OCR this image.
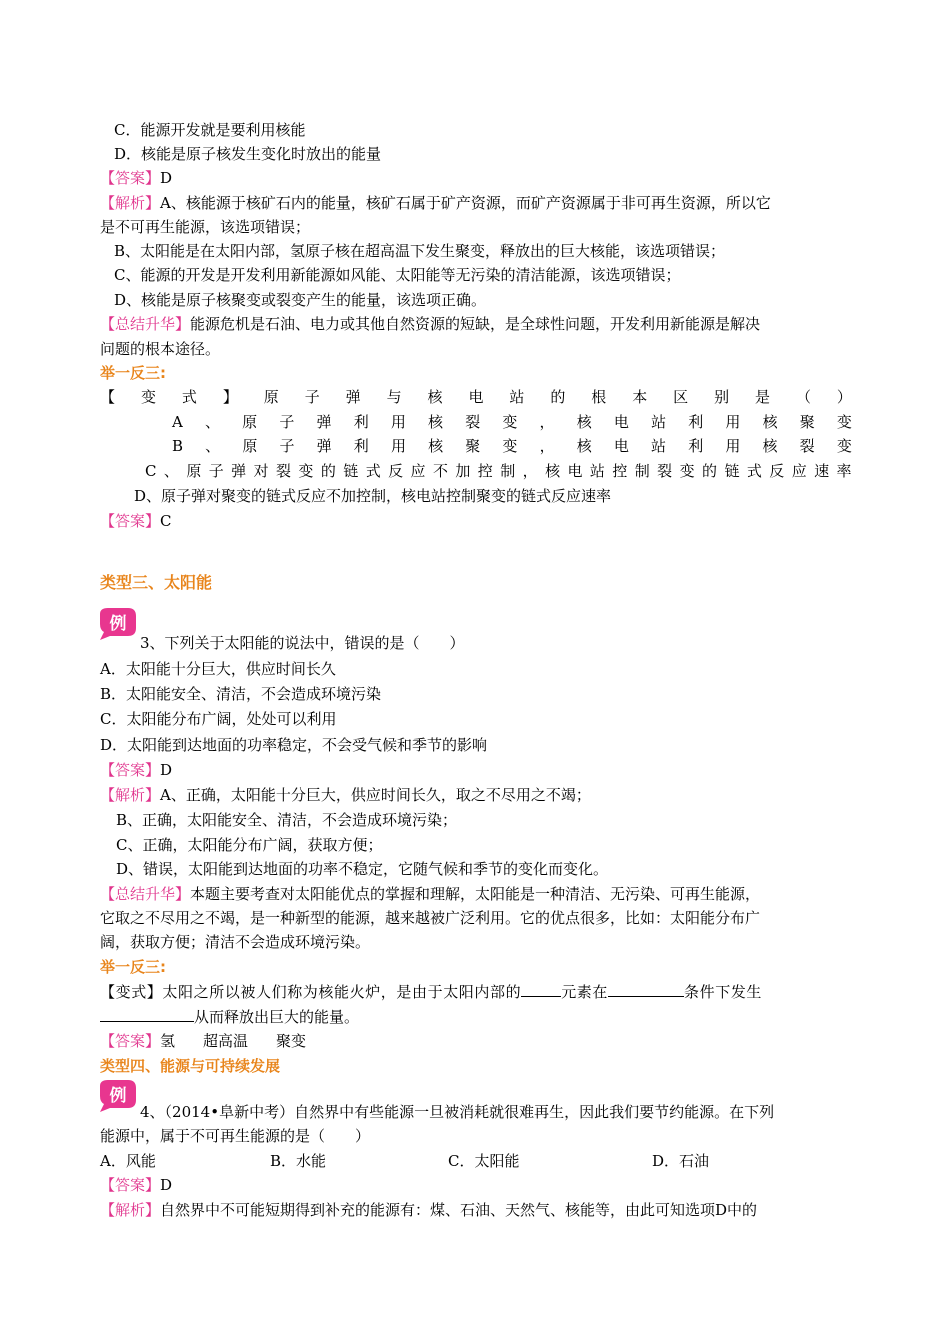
C．能源开发就是要利用核能
D．核能是原子核发生变化时放出的能量
【答案】D
【解析】A、核能源于核矿石内的能量，核矿石属于矿产资源，而矿产资源属于非可再生资源，所以它
是不可再生能源，该选项错误；
B、太阳能是在太阳内部，氢原子核在超高温下发生聚变，释放出的巨大核能，该选项错误；
C、能源的开发是开发利用新能源如风能、太阳能等无污染的清洁能源，该选项错误；
D、核能是原子核聚变或裂变产生的能量，该选项正确。
【总结升华】能源危机是石油、电力或其他自然资源的短缺，是全球性问题，开发利用新能源是解决
问题的根本途径。
举一反三:
【 变 式 】 原 子 弹 与 核 电 站 的 根 本 区 别 是 （ ）
A 、 原 子 弹 利 用 核 裂 变 ， 核 电 站 利 用 核 聚 变
B 、 原 子 弹 利 用 核 聚 变 ， 核 电 站 利 用 核 裂 变
C 、 原 子 弹 对 裂 变 的 链 式 反 应 不 加 控 制 ， 核 电 站 控 制 裂 变 的 链 式 反 应 速 率
D、原子弹对聚变的链式反应不加控制，核电站控制聚变的链式反应速率
【答案】C
类型三、太阳能
例
3、下列关于太阳能的说法中，错误的是（　　）
A．太阳能十分巨大，供应时间长久
B．太阳能安全、清洁，不会造成环境污染
C．太阳能分布广阔，处处可以利用
D．太阳能到达地面的功率稳定，不会受气候和季节的影响
【答案】D
【解析】A、正确，太阳能十分巨大，供应时间长久，取之不尽用之不竭；
B、正确，太阳能安全、清洁，不会造成环境污染；
C、正确，太阳能分布广阔，获取方便；
D、错误，太阳能到达地面的功率不稳定，它随气候和季节的变化而变化。
【总结升华】本题主要考查对太阳能优点的掌握和理解，太阳能是一种清洁、无污染、可再生能源，
它取之不尽用之不竭，是一种新型的能源，越来越被广泛利用。它的优点很多，比如：太阳能分布广
阔，获取方便；清洁不会造成环境污染。
举一反三:
【变式】太阳之所以被人们称为核能火炉，是由于太阳内部的	元素在	条件下发生
从而释放出巨大的能量。
【答案】氢 超高温 聚变
类型四、能源与可持续发展
例
4、（2014•阜新中考）自然界中有些能源一旦被消耗就很难再生，因此我们要节约能源。在下列
能源中，属于不可再生能源的是（　　）
A．风能	B．水能	C．太阳能	D．石油
【答案】D
【解析】自然界中不可能短期得到补充的能源有：煤、石油、天然气、核能等，由此可知选项D中的
